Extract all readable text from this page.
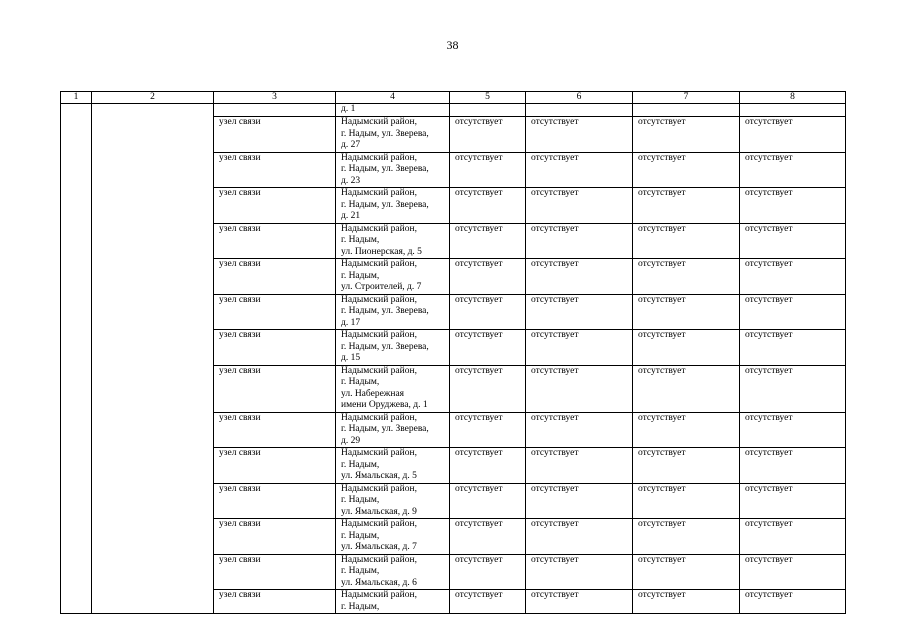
38
1	2	3	4	5	6	7	8
			д. 1				
		узел связи	Надымский район,
г. Надым, ул. Зверева,
д. 27	отсутствует	отсутствует	отсутствует	отсутствует
		узел связи	Надымский район,
г. Надым, ул. Зверева,
д. 23	отсутствует	отсутствует	отсутствует	отсутствует
		узел связи	Надымский район,
г. Надым, ул. Зверева,
д. 21	отсутствует	отсутствует	отсутствует	отсутствует
		узел связи	Надымский район,
г. Надым,
ул. Пионерская, д. 5	отсутствует	отсутствует	отсутствует	отсутствует
		узел связи	Надымский район,
г. Надым,
ул. Строителей, д. 7	отсутствует	отсутствует	отсутствует	отсутствует
		узел связи	Надымский район,
г. Надым, ул. Зверева,
д. 17	отсутствует	отсутствует	отсутствует	отсутствует
		узел связи	Надымский район,
г. Надым, ул. Зверева,
д. 15	отсутствует	отсутствует	отсутствует	отсутствует
		узел связи	Надымский район,
г. Надым,
ул. Набережная
имени Оруджева, д. 1	отсутствует	отсутствует	отсутствует	отсутствует
		узел связи	Надымский район,
г. Надым, ул. Зверева,
д. 29	отсутствует	отсутствует	отсутствует	отсутствует
		узел связи	Надымский район,
г. Надым,
ул. Ямальская, д. 5	отсутствует	отсутствует	отсутствует	отсутствует
		узел связи	Надымский район,
г. Надым,
ул. Ямальская, д. 9	отсутствует	отсутствует	отсутствует	отсутствует
		узел связи	Надымский район,
г. Надым,
ул. Ямальская, д. 7	отсутствует	отсутствует	отсутствует	отсутствует
		узел связи	Надымский район,
г. Надым,
ул. Ямальская, д. 6	отсутствует	отсутствует	отсутствует	отсутствует
		узел связи	Надымский район,
г. Надым,	отсутствует	отсутствует	отсутствует	отсутствует
